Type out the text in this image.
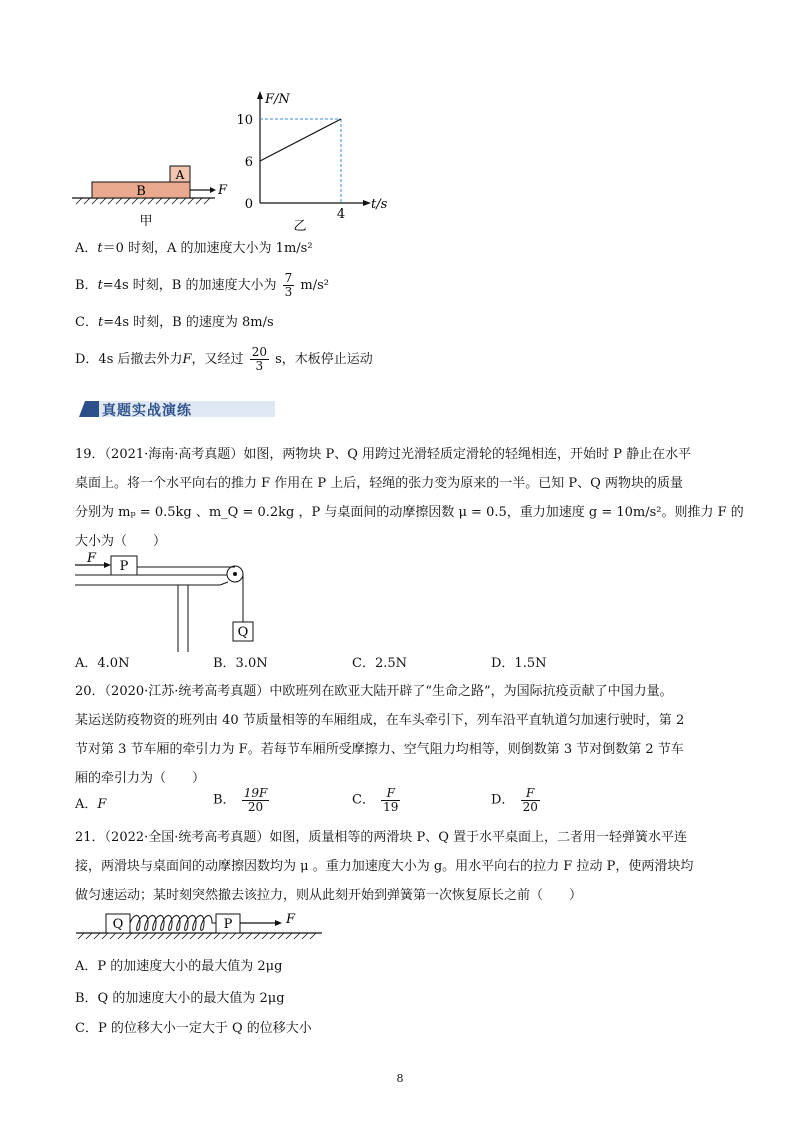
B
A
F
甲
F/N
t/s
10
6
0
4
乙
A．t＝0 时刻，A 的加速度大小为 1m/s²
B．t=4s 时刻，B 的加速度大小为 $\frac{7}{3} m/s^2$
C．t=4s 时刻，B 的速度为 8m/s
D．4s 后撤去外力F，又经过 $\frac{20}{3}$ s，木板停止运动
真题实战演练
19．（2021·海南·高考真题）如图，两物块 P、Q 用跨过光滑轻质定滑轮的轻绳相连，开始时 P 静止在水平
桌面上。将一个水平向右的推力 F 作用在 P 上后，轻绳的张力变为原来的一半。已知 P、Q 两物块的质量
分别为 mₚ = 0.5kg 、m_Q = 0.2kg ，P 与桌面间的动摩擦因数 μ = 0.5，重力加速度 g = 10m/s²。则推力 F 的
大小为（　　）
P
F
Q
A．4.0N	B．3.0N	C．2.5N	D．1.5N
20．（2020·江苏·统考高考真题）中欧班列在欧亚大陆开辟了“生命之路”，为国际抗疫贡献了中国力量。
某运送防疫物资的班列由 40 节质量相等的车厢组成，在车头牵引下，列车沿平直轨道匀加速行驶时，第 2
节对第 3 节车厢的牵引力为 F。若每节车厢所受摩擦力、空气阻力均相等，则倒数第 3 节对倒数第 2 节车
厢的牵引力为（　　）
A．F	B． $\frac{19F}{20}$	C． $\frac{F}{19}$	D． $\frac{F}{20}$
21．（2022·全国·统考高考真题）如图，质量相等的两滑块 P、Q 置于水平桌面上，二者用一轻弹簧水平连
接，两滑块与桌面间的动摩擦因数均为 μ 。重力加速度大小为 g。用水平向右的拉力 F 拉动 P，使两滑块均
做匀速运动；某时刻突然撤去该拉力，则从此刻开始到弹簧第一次恢复原长之前（　　）
Q	P	F
A．P 的加速度大小的最大值为 2μg
B．Q 的加速度大小的最大值为 2μg
C．P 的位移大小一定大于 Q 的位移大小
8
